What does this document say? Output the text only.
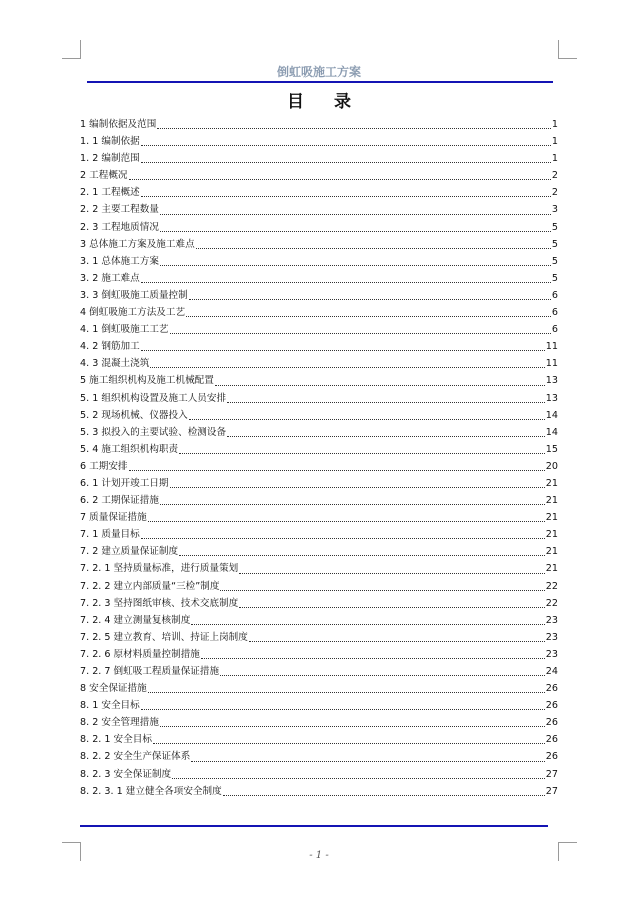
倒虹吸施工方案
目录
1 编制依据及范围	1
1. 1 编制依据	1
1. 2 编制范围	1
2 工程概况	2
2. 1 工程概述	2
2. 2 主要工程数量	3
2. 3 工程地质情况	5
3 总体施工方案及施工难点	5
3. 1 总体施工方案	5
3. 2 施工难点	5
3. 3 倒虹吸施工质量控制	6
4 倒虹吸施工方法及工艺	6
4. 1 倒虹吸施工工艺	6
4. 2 钢筋加工	11
4. 3 混凝土浇筑	11
5 施工组织机构及施工机械配置	13
5. 1 组织机构设置及施工人员安排	13
5. 2 现场机械、仪器投入	14
5. 3 拟投入的主要试验、检测设备	14
5. 4 施工组织机构职责	15
6 工期安排	20
6. 1 计划开竣工日期	21
6. 2 工期保证措施	21
7 质量保证措施	21
7. 1 质量目标	21
7. 2 建立质量保证制度	21
7. 2. 1 坚持质量标准，进行质量策划	21
7. 2. 2 建立内部质量“三检”制度	22
7. 2. 3 坚持图纸审核、技术交底制度	22
7. 2. 4 建立测量复核制度	23
7. 2. 5 建立教育、培训、持证上岗制度	23
7. 2. 6 原材料质量控制措施	23
7. 2. 7 倒虹吸工程质量保证措施	24
8 安全保证措施	26
8. 1 安全目标	26
8. 2 安全管理措施	26
8. 2. 1 安全目标	26
8. 2. 2 安全生产保证体系	26
8. 2. 3 安全保证制度	27
8. 2. 3. 1 建立健全各项安全制度	27
- 1 -
